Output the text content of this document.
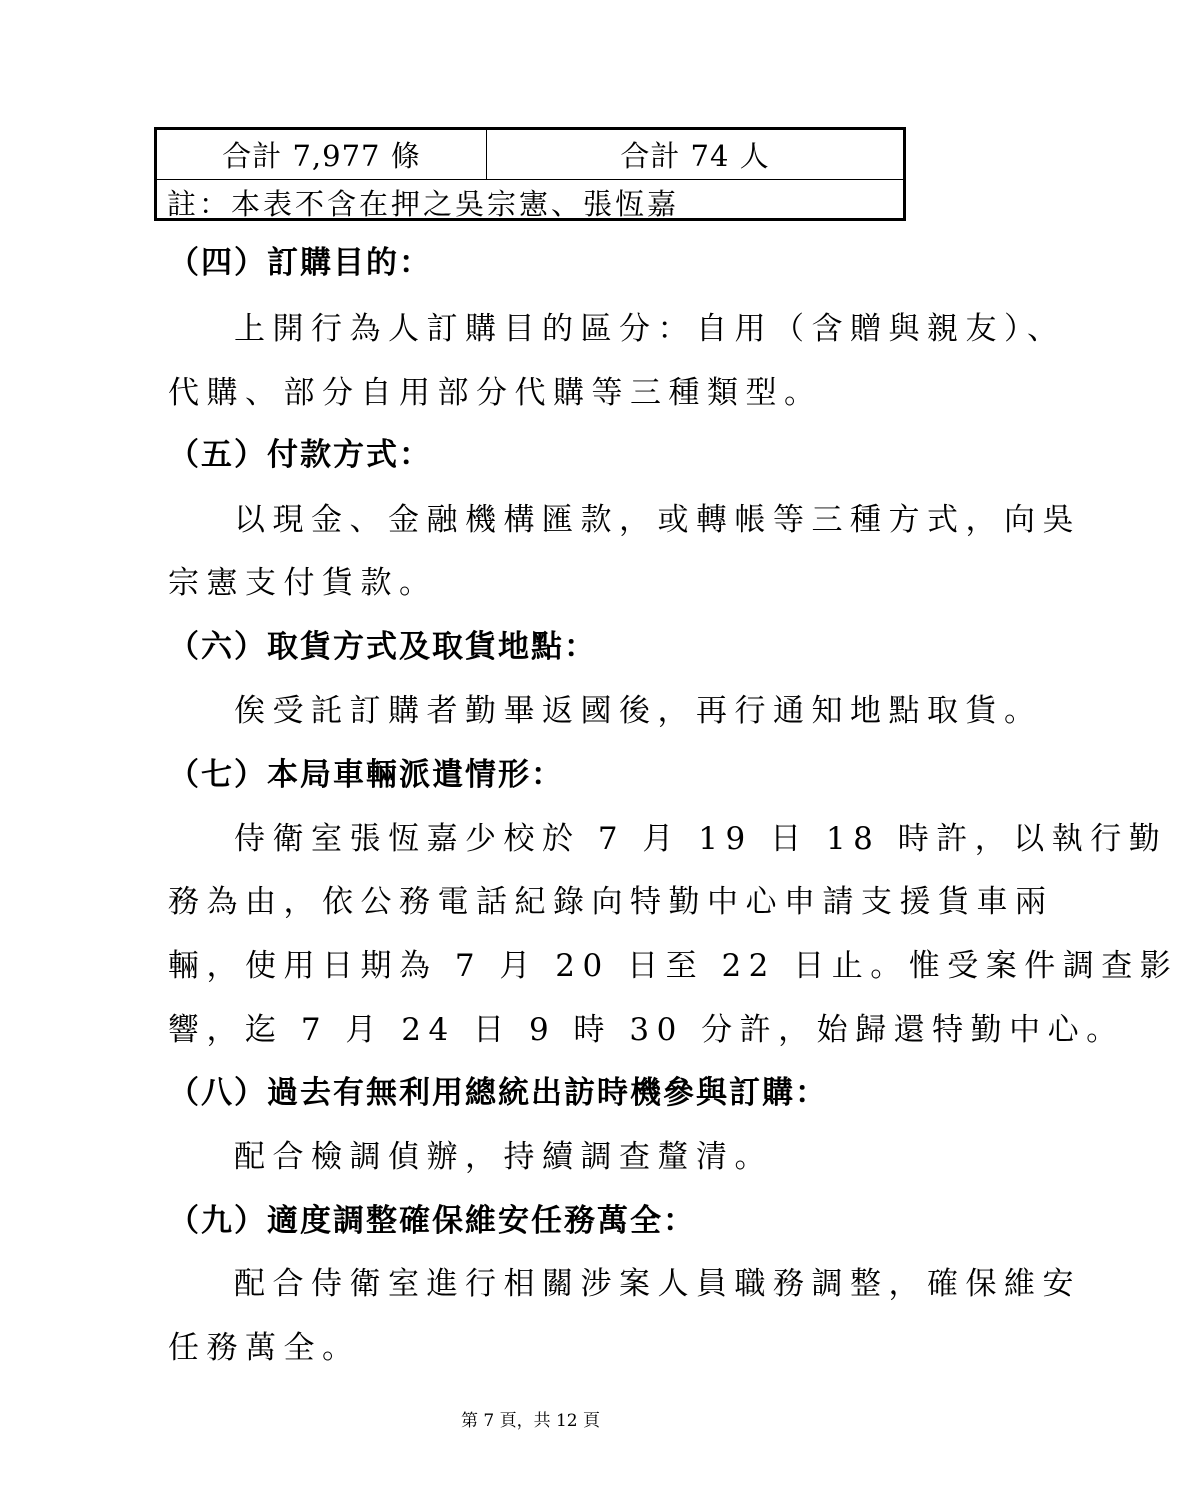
合計 7,977 條	合計 74 人
註：本表不含在押之吳宗憲、張恆嘉
（四）訂購目的：
上開行為人訂購目的區分：自用（含贈與親友）、
代購、部分自用部分代購等三種類型。
（五）付款方式：
以現金、金融機構匯款，或轉帳等三種方式，向吳
宗憲支付貨款。
（六）取貨方式及取貨地點：
俟受託訂購者勤畢返國後，再行通知地點取貨。
（七）本局車輛派遣情形：
侍衛室張恆嘉少校於 7 月 19 日 18 時許，以執行勤
務為由，依公務電話紀錄向特勤中心申請支援貨車兩
輛，使用日期為 7 月 20 日至 22 日止。惟受案件調查影
響，迄 7 月 24 日 9 時 30 分許，始歸還特勤中心。
（八）過去有無利用總統出訪時機參與訂購：
配合檢調偵辦，持續調查釐清。
（九）適度調整確保維安任務萬全：
配合侍衛室進行相關涉案人員職務調整，確保維安
任務萬全。
第 7 頁，共 12 頁
